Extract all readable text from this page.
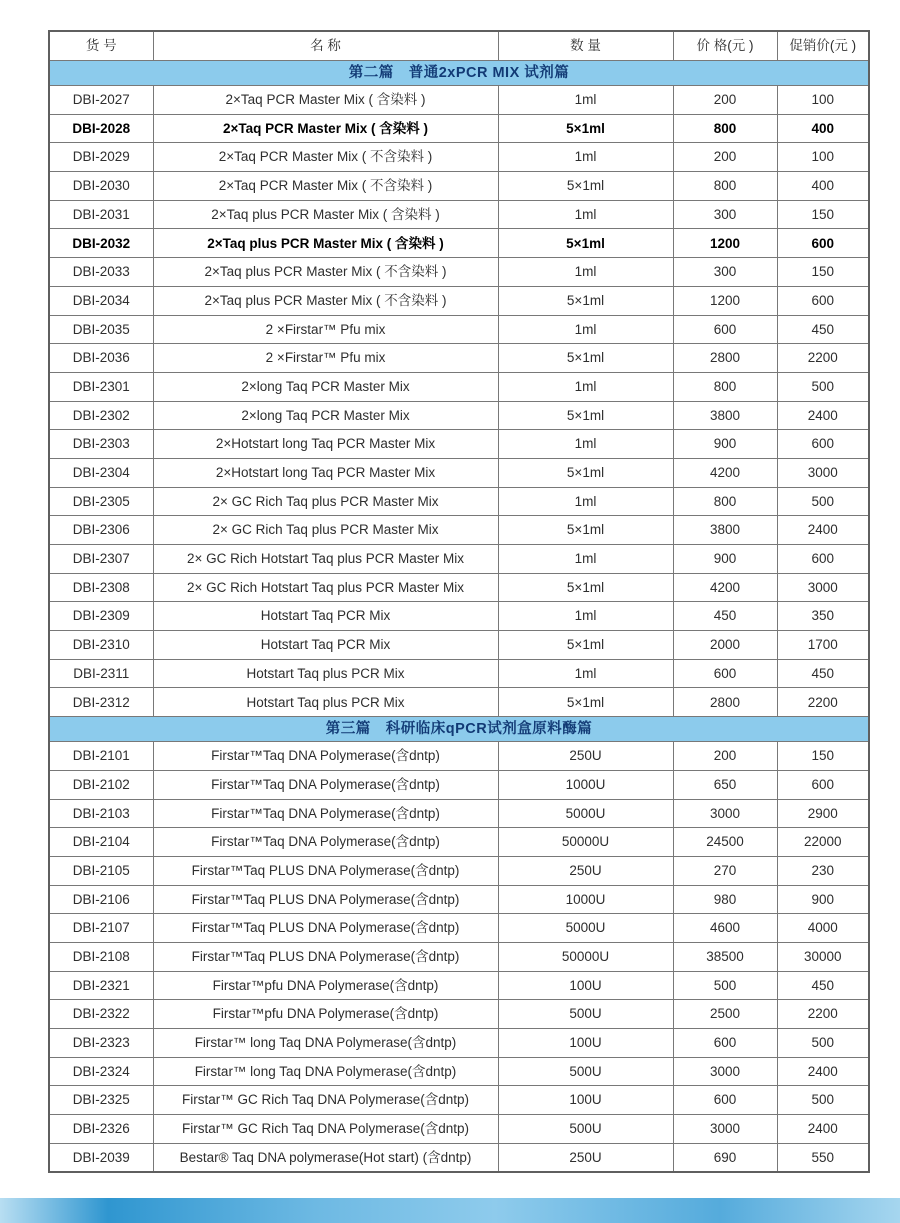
货 号	名 称	数 量	价 格(元 )	促销价(元 )
第二篇　普通2xPCR MIX 试剂篇				
DBI-2027	2×Taq PCR Master Mix ( 含染料 )	1ml	200	100
DBI-2028	2×Taq PCR Master Mix ( 含染料 )	5×1ml	800	400
DBI-2029	2×Taq PCR Master Mix ( 不含染料 )	1ml	200	100
DBI-2030	2×Taq PCR Master Mix ( 不含染料 )	5×1ml	800	400
DBI-2031	2×Taq plus PCR Master Mix ( 含染料 )	1ml	300	150
DBI-2032	2×Taq plus PCR Master Mix ( 含染料 )	5×1ml	1200	600
DBI-2033	2×Taq plus PCR Master Mix ( 不含染料 )	1ml	300	150
DBI-2034	2×Taq plus PCR Master Mix ( 不含染料 )	5×1ml	1200	600
DBI-2035	2 ×Firstar™ Pfu mix	1ml	600	450
DBI-2036	2 ×Firstar™ Pfu mix	5×1ml	2800	2200
DBI-2301	2×long Taq PCR Master Mix	1ml	800	500
DBI-2302	2×long Taq PCR Master Mix	5×1ml	3800	2400
DBI-2303	2×Hotstart long Taq PCR Master Mix	1ml	900	600
DBI-2304	2×Hotstart long Taq PCR Master Mix	5×1ml	4200	3000
DBI-2305	2× GC Rich Taq plus PCR Master Mix	1ml	800	500
DBI-2306	2× GC Rich Taq plus PCR Master Mix	5×1ml	3800	2400
DBI-2307	2× GC Rich Hotstart Taq plus PCR Master Mix	1ml	900	600
DBI-2308	2× GC Rich Hotstart Taq plus PCR Master Mix	5×1ml	4200	3000
DBI-2309	Hotstart Taq PCR Mix	1ml	450	350
DBI-2310	Hotstart Taq PCR Mix	5×1ml	2000	1700
DBI-2311	Hotstart Taq plus PCR Mix	1ml	600	450
DBI-2312	Hotstart Taq plus PCR Mix	5×1ml	2800	2200
第三篇　科研临床qPCR试剂盒原料酶篇				
DBI-2101	Firstar™Taq DNA Polymerase(含dntp)	250U	200	150
DBI-2102	Firstar™Taq DNA Polymerase(含dntp)	1000U	650	600
DBI-2103	Firstar™Taq DNA Polymerase(含dntp)	5000U	3000	2900
DBI-2104	Firstar™Taq DNA Polymerase(含dntp)	50000U	24500	22000
DBI-2105	Firstar™Taq PLUS DNA Polymerase(含dntp)	250U	270	230
DBI-2106	Firstar™Taq PLUS DNA Polymerase(含dntp)	1000U	980	900
DBI-2107	Firstar™Taq PLUS DNA Polymerase(含dntp)	5000U	4600	4000
DBI-2108	Firstar™Taq PLUS DNA Polymerase(含dntp)	50000U	38500	30000
DBI-2321	Firstar™pfu DNA Polymerase(含dntp)	100U	500	450
DBI-2322	Firstar™pfu DNA Polymerase(含dntp)	500U	2500	2200
DBI-2323	Firstar™ long Taq DNA Polymerase(含dntp)	100U	600	500
DBI-2324	Firstar™ long Taq DNA Polymerase(含dntp)	500U	3000	2400
DBI-2325	Firstar™ GC Rich Taq DNA Polymerase(含dntp)	100U	600	500
DBI-2326	Firstar™ GC Rich Taq DNA Polymerase(含dntp)	500U	3000	2400
DBI-2039	Bestar® Taq DNA polymerase(Hot start) (含dntp)	250U	690	550
